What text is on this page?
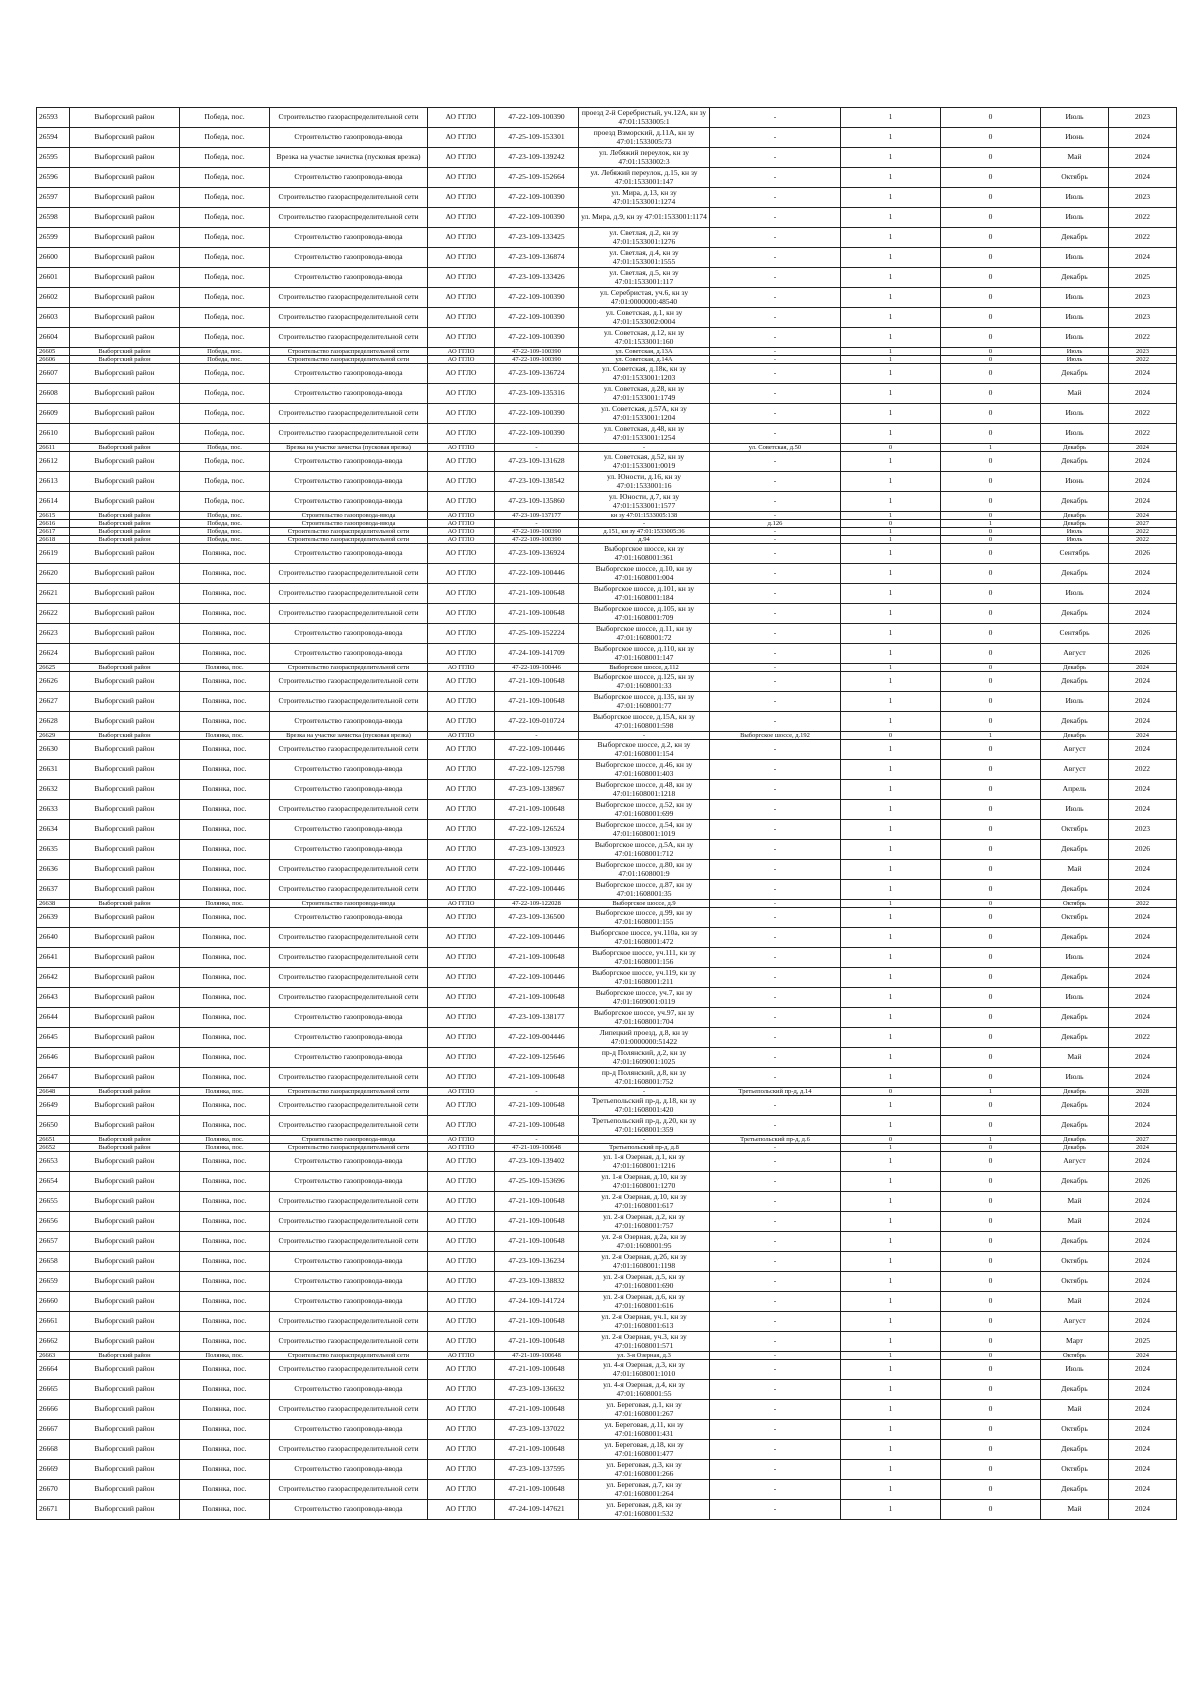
26593	Выборгский район	Победа, пос.	Строительство газораспределительной сети	АО ГГЛО	47-22-109-100390	проезд 2-й Серебристый, уч.12А, кн зу 47:01:1533005:1	-	1	0	Июль	2023
26594	Выборгский район	Победа, пос.	Строительство газопровода-ввода	АО ГГЛО	47-25-109-153301	проезд Взморский, д.11А, кн зу 47:01:1533005:73	-	1	0	Июнь	2024
26595	Выборгский район	Победа, пос.	Врезка на участке зачистка (пусковая врезка)	АО ГГЛО	47-23-109-139242	ул. Лебяжий переулок, кн зу 47:01:1533002:3	-	1	0	Май	2024
26596	Выборгский район	Победа, пос.	Строительство газопровода-ввода	АО ГГЛО	47-25-109-152664	ул. Лебяжий переулок, д.15, кн зу 47:01:1533001:147	-	1	0	Октябрь	2024
26597	Выборгский район	Победа, пос.	Строительство газораспределительной сети	АО ГГЛО	47-22-109-100390	ул. Мира, д.13, кн зу 47:01:1533001:1274	-	1	0	Июль	2023
26598	Выборгский район	Победа, пос.	Строительство газораспределительной сети	АО ГГЛО	47-22-109-100390	ул. Мира, д.9, кн зу 47:01:1533001:1174	-	1	0	Июль	2022
26599	Выборгский район	Победа, пос.	Строительство газопровода-ввода	АО ГГЛО	47-23-109-133425	ул. Светлая, д.2, кн зу 47:01:1533001:1276	-	1	0	Декабрь	2022
26600	Выборгский район	Победа, пос.	Строительство газопровода-ввода	АО ГГЛО	47-23-109-136874	ул. Светлая, д.4, кн зу 47:01:1533001:1555	-	1	0	Июль	2024
26601	Выборгский район	Победа, пос.	Строительство газопровода-ввода	АО ГГЛО	47-23-109-133426	ул. Светлая, д.5, кн зу 47:01:1533001:117	-	1	0	Декабрь	2025
26602	Выборгский район	Победа, пос.	Строительство газораспределительной сети	АО ГГЛО	47-22-109-100390	ул. Серебристая, уч.6, кн зу 47:01:0000000:48540	-	1	0	Июль	2023
26603	Выборгский район	Победа, пос.	Строительство газораспределительной сети	АО ГГЛО	47-22-109-100390	ул. Советская, д.1, кн зу 47:01:1533002:0004	-	1	0	Июль	2023
26604	Выборгский район	Победа, пос.	Строительство газораспределительной сети	АО ГГЛО	47-22-109-100390	ул. Советская, д.12, кн зу 47:01:1533001:160	-	1	0	Июль	2022
26605	Выборгский район	Победа, пос.	Строительство газораспределительной сети	АО ГГЛО	47-22-109-100390	ул. Советская, д.13А	-	1	0	Июль	2023
26606	Выборгский район	Победа, пос.	Строительство газораспределительной сети	АО ГГЛО	47-22-109-100390	ул. Советская, д.14А	-	1	0	Июль	2022
26607	Выборгский район	Победа, пос.	Строительство газопровода-ввода	АО ГГЛО	47-23-109-136724	ул. Советская, д.18к, кн зу 47:01:1533001:1203	-	1	0	Декабрь	2024
26608	Выборгский район	Победа, пос.	Строительство газопровода-ввода	АО ГГЛО	47-23-109-135316	ул. Советская, д.28, кн зу 47:01:1533001:1749	-	1	0	Май	2024
26609	Выборгский район	Победа, пос.	Строительство газораспределительной сети	АО ГГЛО	47-22-109-100390	ул. Советская, д.57А, кн зу 47:01:1533001:1204	-	1	0	Июль	2022
26610	Выборгский район	Победа, пос.	Строительство газораспределительной сети	АО ГГЛО	47-22-109-100390	ул. Советская, д.48, кн зу 47:01:1533001:1254	-	1	0	Июль	2022
26611	Выборгский район	Победа, пос.	Врезка на участке зачистка (пусковая врезка)	АО ГГЛО	-	-	ул. Советская, д.50	0	1	Декабрь	2024
26612	Выборгский район	Победа, пос.	Строительство газопровода-ввода	АО ГГЛО	47-23-109-131628	ул. Советская, д.52, кн зу 47:01:1533001:0019	-	1	0	Декабрь	2024
26613	Выборгский район	Победа, пос.	Строительство газопровода-ввода	АО ГГЛО	47-23-109-138542	ул. Юности, д.16, кн зу 47:01:1533001:16	-	1	0	Июнь	2024
26614	Выборгский район	Победа, пос.	Строительство газопровода-ввода	АО ГГЛО	47-23-109-135860	ул. Юности, д.7, кн зу 47:01:1533001:1577	-	1	0	Декабрь	2024
26615	Выборгский район	Победа, пос.	Строительство газопровода-ввода	АО ГГЛО	47-23-109-137177	кн зу 47:01:1533005:138	-	1	0	Декабрь	2024
26616	Выборгский район	Победа, пос.	Строительство газопровода-ввода	АО ГГЛО	-	-	д.126	0	1	Декабрь	2027
26617	Выборгский район	Победа, пос.	Строительство газораспределительной сети	АО ГГЛО	47-22-109-100390	д.151, кн зу 47:01:1533005:36	-	1	0	Июль	2022
26618	Выборгский район	Победа, пос.	Строительство газораспределительной сети	АО ГГЛО	47-22-109-100390	д.94	-	1	0	Июль	2022
26619	Выборгский район	Полянка, пос.	Строительство газопровода-ввода	АО ГГЛО	47-23-109-136924	Выборгское шоссе, кн зу 47:01:1608001:361	-	1	0	Сентябрь	2026
26620	Выборгский район	Полянка, пос.	Строительство газораспределительной сети	АО ГГЛО	47-22-109-100446	Выборгское шоссе, д.10, кн зу 47:01:1608001:004	-	1	0	Декабрь	2024
26621	Выборгский район	Полянка, пос.	Строительство газораспределительной сети	АО ГГЛО	47-21-109-100648	Выборгское шоссе, д.101, кн зу 47:01:1608001:184	-	1	0	Июль	2024
26622	Выборгский район	Полянка, пос.	Строительство газораспределительной сети	АО ГГЛО	47-21-109-100648	Выборгское шоссе, д.105, кн зу 47:01:1608001:709	-	1	0	Декабрь	2024
26623	Выборгский район	Полянка, пос.	Строительство газопровода-ввода	АО ГГЛО	47-25-109-152224	Выборгское шоссе, д.11, кн зу 47:01:1608001:72	-	1	0	Сентябрь	2026
26624	Выборгский район	Полянка, пос.	Строительство газопровода-ввода	АО ГГЛО	47-24-109-141709	Выборгское шоссе, д.110, кн зу 47:01:1608001:147	-	1	0	Август	2026
26625	Выборгский район	Полянка, пос.	Строительство газораспределительной сети	АО ГГЛО	47-22-109-100446	Выборгское шоссе, д.112	-	1	0	Декабрь	2024
26626	Выборгский район	Полянка, пос.	Строительство газораспределительной сети	АО ГГЛО	47-21-109-100648	Выборгское шоссе, д.125, кн зу 47:01:1608001:33	-	1	0	Декабрь	2024
26627	Выборгский район	Полянка, пос.	Строительство газораспределительной сети	АО ГГЛО	47-21-109-100648	Выборгское шоссе, д.135, кн зу 47:01:1608001:77	-	1	0	Июль	2024
26628	Выборгский район	Полянка, пос.	Строительство газопровода-ввода	АО ГГЛО	47-22-109-010724	Выборгское шоссе, д.15А, кн зу 47:01:1608001:598	-	1	0	Декабрь	2024
26629	Выборгский район	Полянка, пос.	Врезка на участке зачистка (пусковая врезка)	АО ГГЛО	-	-	Выборгское шоссе, д.192	0	1	Декабрь	2024
26630	Выборгский район	Полянка, пос.	Строительство газораспределительной сети	АО ГГЛО	47-22-109-100446	Выборгское шоссе, д.2, кн зу 47:01:1608001:154	-	1	0	Август	2024
26631	Выборгский район	Полянка, пос.	Строительство газопровода-ввода	АО ГГЛО	47-22-109-125798	Выборгское шоссе, д.46, кн зу 47:01:1608001:403	-	1	0	Август	2022
26632	Выборгский район	Полянка, пос.	Строительство газопровода-ввода	АО ГГЛО	47-23-109-138967	Выборгское шоссе, д.48, кн зу 47:01:1608001:1218	-	1	0	Апрель	2024
26633	Выборгский район	Полянка, пос.	Строительство газораспределительной сети	АО ГГЛО	47-21-109-100648	Выборгское шоссе, д.52, кн зу 47:01:1608001:699	-	1	0	Июль	2024
26634	Выборгский район	Полянка, пос.	Строительство газопровода-ввода	АО ГГЛО	47-22-109-126524	Выборгское шоссе, д.54, кн зу 47:01:1608001:1019	-	1	0	Октябрь	2023
26635	Выборгский район	Полянка, пос.	Строительство газопровода-ввода	АО ГГЛО	47-23-109-130923	Выборгское шоссе, д.5А, кн зу 47:01:1608001:712	-	1	0	Декабрь	2026
26636	Выборгский район	Полянка, пос.	Строительство газораспределительной сети	АО ГГЛО	47-22-109-100446	Выборгское шоссе, д.80, кн зу 47:01:1608001:9	-	1	0	Май	2024
26637	Выборгский район	Полянка, пос.	Строительство газораспределительной сети	АО ГГЛО	47-22-109-100446	Выборгское шоссе, д.87, кн зу 47:01:1608001:35	-	1	0	Декабрь	2024
26638	Выборгский район	Полянка, пос.	Строительство газопровода-ввода	АО ГГЛО	47-22-109-122028	Выборгское шоссе, д.9	-	1	0	Октябрь	2022
26639	Выборгский район	Полянка, пос.	Строительство газопровода-ввода	АО ГГЛО	47-23-109-136500	Выборгское шоссе, д.99, кн зу 47:01:1608001:155	-	1	0	Октябрь	2024
26640	Выборгский район	Полянка, пос.	Строительство газораспределительной сети	АО ГГЛО	47-22-109-100446	Выборгское шоссе, уч.110а, кн зу 47:01:1608001:472	-	1	0	Декабрь	2024
26641	Выборгский район	Полянка, пос.	Строительство газораспределительной сети	АО ГГЛО	47-21-109-100648	Выборгское шоссе, уч.111, кн зу 47:01:1608001:156	-	1	0	Июль	2024
26642	Выборгский район	Полянка, пос.	Строительство газораспределительной сети	АО ГГЛО	47-22-109-100446	Выборгское шоссе, уч.119, кн зу 47:01:1608001:211	-	1	0	Декабрь	2024
26643	Выборгский район	Полянка, пос.	Строительство газораспределительной сети	АО ГГЛО	47-21-109-100648	Выборгское шоссе, уч.7, кн зу 47:01:1609001:0119	-	1	0	Июль	2024
26644	Выборгский район	Полянка, пос.	Строительство газопровода-ввода	АО ГГЛО	47-23-109-138177	Выборгское шоссе, уч.97, кн зу 47:01:1608001:704	-	1	0	Декабрь	2024
26645	Выборгский район	Полянка, пос.	Строительство газопровода-ввода	АО ГГЛО	47-22-109-004446	Липецкий проезд, д.8, кн зу 47:01:0000000:51422	-	1	0	Декабрь	2022
26646	Выборгский район	Полянка, пос.	Строительство газопровода-ввода	АО ГГЛО	47-22-109-125646	пр-д Полянский, д.2, кн зу 47:01:1609001:1025	-	1	0	Май	2024
26647	Выборгский район	Полянка, пос.	Строительство газораспределительной сети	АО ГГЛО	47-21-109-100648	пр-д Полянский, д.8, кн зу 47:01:1608001:752	-	1	0	Июль	2024
26648	Выборгский район	Полянка, пос.	Строительство газораспределительной сети	АО ГГЛО	-	-	Третьепольский пр-д, д.14	0	1	Декабрь	2028
26649	Выборгский район	Полянка, пос.	Строительство газораспределительной сети	АО ГГЛО	47-21-109-100648	Третьепольский пр-д, д.18, кн зу 47:01:1608001:420	-	1	0	Декабрь	2024
26650	Выборгский район	Полянка, пос.	Строительство газораспределительной сети	АО ГГЛО	47-21-109-100648	Третьепольский пр-д, д.20, кн зу 47:01:1608001:359	-	1	0	Декабрь	2024
26651	Выборгский район	Полянка, пос.	Строительство газопровода-ввода	АО ГГЛО	-	-	Третьепольский пр-д, д.6	0	1	Декабрь	2027
26652	Выборгский район	Полянка, пос.	Строительство газораспределительной сети	АО ГГЛО	47-21-109-100648	Третьепольский пр-д, д.8	-	1	0	Декабрь	2024
26653	Выборгский район	Полянка, пос.	Строительство газопровода-ввода	АО ГГЛО	47-23-109-139402	ул. 1-я Озерная, д.1, кн зу 47:01:1608001:1216	-	1	0	Август	2024
26654	Выборгский район	Полянка, пос.	Строительство газопровода-ввода	АО ГГЛО	47-25-109-153696	ул. 1-я Озерная, д.10, кн зу 47:01:1608001:1270	-	1	0	Декабрь	2026
26655	Выборгский район	Полянка, пос.	Строительство газораспределительной сети	АО ГГЛО	47-21-109-100648	ул. 2-я Озерная, д.10, кн зу 47:01:1608001:617	-	1	0	Май	2024
26656	Выборгский район	Полянка, пос.	Строительство газораспределительной сети	АО ГГЛО	47-21-109-100648	ул. 2-я Озерная, д.2, кн зу 47:01:1608001:757	-	1	0	Май	2024
26657	Выборгский район	Полянка, пос.	Строительство газораспределительной сети	АО ГГЛО	47-21-109-100648	ул. 2-я Озерная, д.2а, кн зу 47:01:1608001:95	-	1	0	Декабрь	2024
26658	Выборгский район	Полянка, пос.	Строительство газопровода-ввода	АО ГГЛО	47-23-109-136234	ул. 2-я Озерная, д.2б, кн зу 47:01:1608001:1198	-	1	0	Октябрь	2024
26659	Выборгский район	Полянка, пос.	Строительство газопровода-ввода	АО ГГЛО	47-23-109-138832	ул. 2-я Озерная, д.5, кн зу 47:01:1608001:690	-	1	0	Октябрь	2024
26660	Выборгский район	Полянка, пос.	Строительство газопровода-ввода	АО ГГЛО	47-24-109-141724	ул. 2-я Озерная, д.6, кн зу 47:01:1608001:616	-	1	0	Май	2024
26661	Выборгский район	Полянка, пос.	Строительство газораспределительной сети	АО ГГЛО	47-21-109-100648	ул. 2-я Озерная, уч.1, кн зу 47:01:1608001:613	-	1	0	Август	2024
26662	Выборгский район	Полянка, пос.	Строительство газораспределительной сети	АО ГГЛО	47-21-109-100648	ул. 2-я Озерная, уч.3, кн зу 47:01:1608001:571	-	1	0	Март	2025
26663	Выборгский район	Полянка, пос.	Строительство газораспределительной сети	АО ГГЛО	47-21-109-100648	ул. 3-я Озерная, д.3	-	1	0	Октябрь	2024
26664	Выборгский район	Полянка, пос.	Строительство газораспределительной сети	АО ГГЛО	47-21-109-100648	ул. 4-я Озерная, д.3, кн зу 47:01:1608001:1010	-	1	0	Июль	2024
26665	Выборгский район	Полянка, пос.	Строительство газопровода-ввода	АО ГГЛО	47-23-109-136632	ул. 4-я Озерная, д.4, кн зу 47:01:1608001:55	-	1	0	Декабрь	2024
26666	Выборгский район	Полянка, пос.	Строительство газораспределительной сети	АО ГГЛО	47-21-109-100648	ул. Береговая, д.1, кн зу 47:01:1608001:267	-	1	0	Май	2024
26667	Выборгский район	Полянка, пос.	Строительство газопровода-ввода	АО ГГЛО	47-23-109-137022	ул. Береговая, д.11, кн зу 47:01:1608001:431	-	1	0	Октябрь	2024
26668	Выборгский район	Полянка, пос.	Строительство газораспределительной сети	АО ГГЛО	47-21-109-100648	ул. Береговая, д.18, кн зу 47:01:1608001:477	-	1	0	Декабрь	2024
26669	Выборгский район	Полянка, пос.	Строительство газопровода-ввода	АО ГГЛО	47-23-109-137595	ул. Береговая, д.3, кн зу 47:01:1608001:266	-	1	0	Октябрь	2024
26670	Выборгский район	Полянка, пос.	Строительство газораспределительной сети	АО ГГЛО	47-21-109-100648	ул. Береговая, д.7, кн зу 47:01:1608001:264	-	1	0	Декабрь	2024
26671	Выборгский район	Полянка, пос.	Строительство газопровода-ввода	АО ГГЛО	47-24-109-147621	ул. Береговая, д.8, кн зу 47:01:1608001:532	-	1	0	Май	2024
